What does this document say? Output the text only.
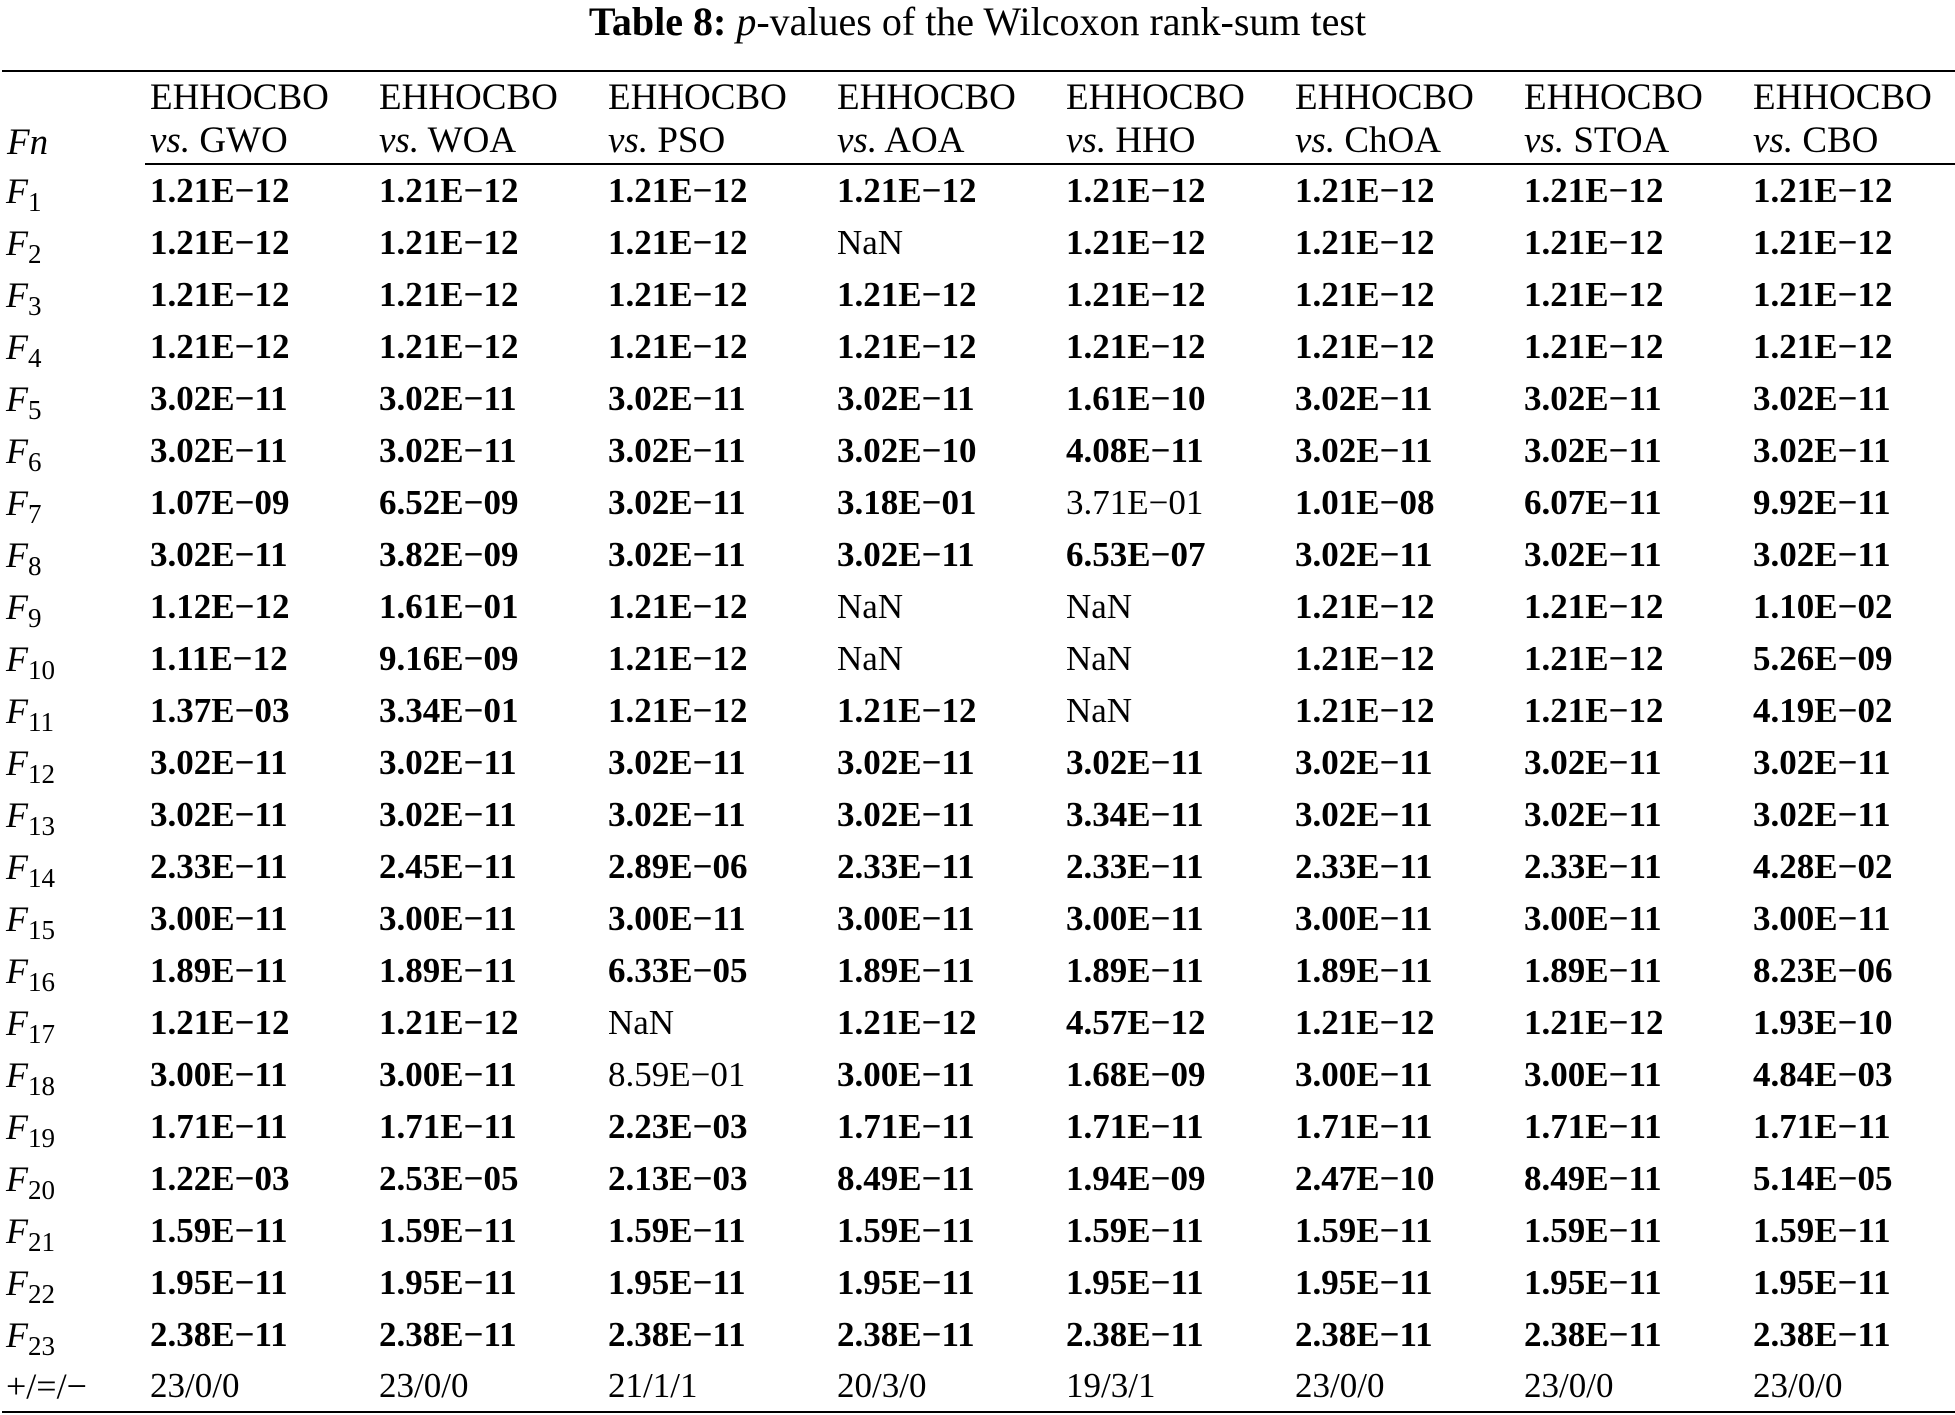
Table 8: p-values of the Wilcoxon rank-sum test
Fn	EHHOCBO	EHHOCBO	EHHOCBO	EHHOCBO	EHHOCBO	EHHOCBO	EHHOCBO	EHHOCBO
	vs. GWO	vs. WOA	vs. PSO	vs. AOA	vs. HHO	vs. ChOA	vs. STOA	vs. CBO
$F_1$	1.21E−12	1.21E−12	1.21E−12	1.21E−12	1.21E−12	1.21E−12	1.21E−12	1.21E−12
$F_2$	1.21E−12	1.21E−12	1.21E−12	NaN	1.21E−12	1.21E−12	1.21E−12	1.21E−12
$F_3$	1.21E−12	1.21E−12	1.21E−12	1.21E−12	1.21E−12	1.21E−12	1.21E−12	1.21E−12
$F_4$	1.21E−12	1.21E−12	1.21E−12	1.21E−12	1.21E−12	1.21E−12	1.21E−12	1.21E−12
$F_5$	3.02E−11	3.02E−11	3.02E−11	3.02E−11	1.61E−10	3.02E−11	3.02E−11	3.02E−11
$F_6$	3.02E−11	3.02E−11	3.02E−11	3.02E−10	4.08E−11	3.02E−11	3.02E−11	3.02E−11
$F_7$	1.07E−09	6.52E−09	3.02E−11	3.18E−01	3.71E−01	1.01E−08	6.07E−11	9.92E−11
$F_8$	3.02E−11	3.82E−09	3.02E−11	3.02E−11	6.53E−07	3.02E−11	3.02E−11	3.02E−11
$F_9$	1.12E−12	1.61E−01	1.21E−12	NaN	NaN	1.21E−12	1.21E−12	1.10E−02
$F_{10}$	1.11E−12	9.16E−09	1.21E−12	NaN	NaN	1.21E−12	1.21E−12	5.26E−09
$F_{11}$	1.37E−03	3.34E−01	1.21E−12	1.21E−12	NaN	1.21E−12	1.21E−12	4.19E−02
$F_{12}$	3.02E−11	3.02E−11	3.02E−11	3.02E−11	3.02E−11	3.02E−11	3.02E−11	3.02E−11
$F_{13}$	3.02E−11	3.02E−11	3.02E−11	3.02E−11	3.34E−11	3.02E−11	3.02E−11	3.02E−11
$F_{14}$	2.33E−11	2.45E−11	2.89E−06	2.33E−11	2.33E−11	2.33E−11	2.33E−11	4.28E−02
$F_{15}$	3.00E−11	3.00E−11	3.00E−11	3.00E−11	3.00E−11	3.00E−11	3.00E−11	3.00E−11
$F_{16}$	1.89E−11	1.89E−11	6.33E−05	1.89E−11	1.89E−11	1.89E−11	1.89E−11	8.23E−06
$F_{17}$	1.21E−12	1.21E−12	NaN	1.21E−12	4.57E−12	1.21E−12	1.21E−12	1.93E−10
$F_{18}$	3.00E−11	3.00E−11	8.59E−01	3.00E−11	1.68E−09	3.00E−11	3.00E−11	4.84E−03
$F_{19}$	1.71E−11	1.71E−11	2.23E−03	1.71E−11	1.71E−11	1.71E−11	1.71E−11	1.71E−11
$F_{20}$	1.22E−03	2.53E−05	2.13E−03	8.49E−11	1.94E−09	2.47E−10	8.49E−11	5.14E−05
$F_{21}$	1.59E−11	1.59E−11	1.59E−11	1.59E−11	1.59E−11	1.59E−11	1.59E−11	1.59E−11
$F_{22}$	1.95E−11	1.95E−11	1.95E−11	1.95E−11	1.95E−11	1.95E−11	1.95E−11	1.95E−11
$F_{23}$	2.38E−11	2.38E−11	2.38E−11	2.38E−11	2.38E−11	2.38E−11	2.38E−11	2.38E−11
+/=/−	23/0/0	23/0/0	21/1/1	20/3/0	19/3/1	23/0/0	23/0/0	23/0/0
